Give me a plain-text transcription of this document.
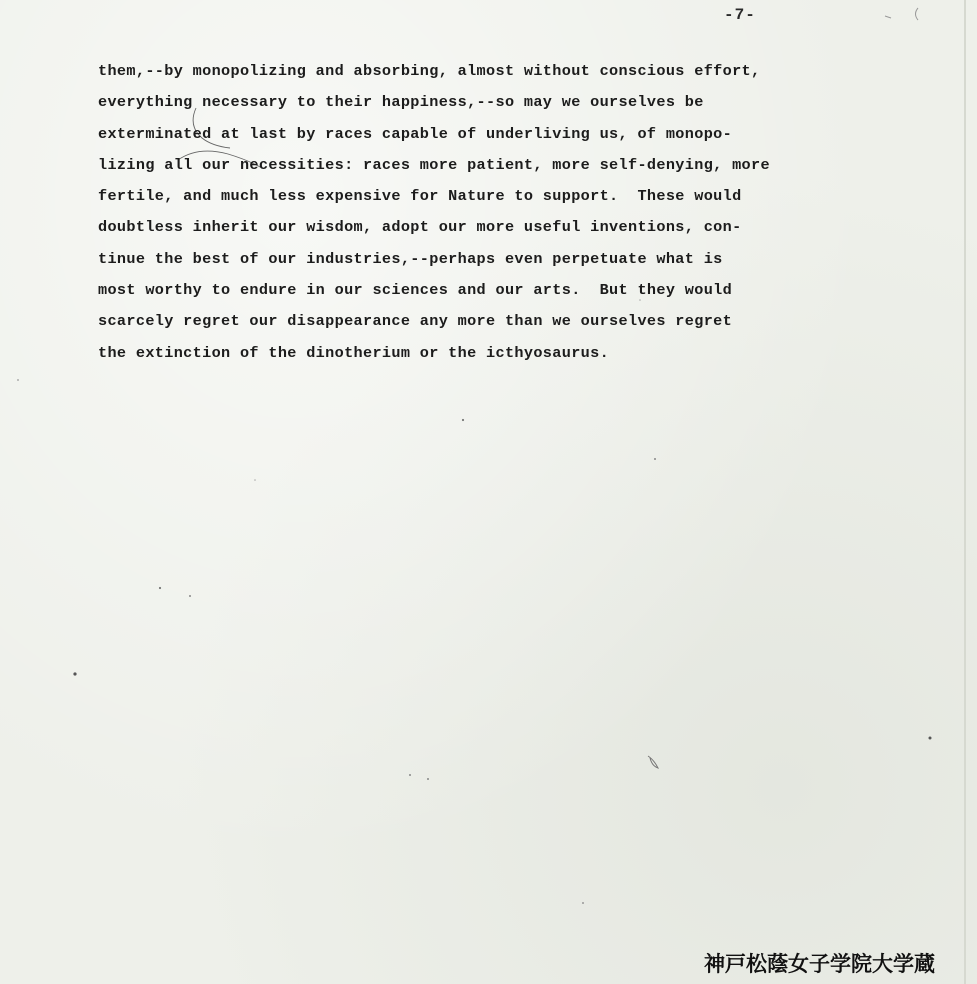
-7-
them,--by monopolizing and absorbing, almost without conscious effort,
everything necessary to their happiness,--so may we ourselves be
exterminated at last by races capable of underliving us, of monopo-
lizing all our necessities: races more patient, more self-denying, more
fertile, and much less expensive for Nature to support.  These would
doubtless inherit our wisdom, adopt our more useful inventions, con-
tinue the best of our industries,--perhaps even perpetuate what is
most worthy to endure in our sciences and our arts.  But they would
scarcely regret our disappearance any more than we ourselves regret
the extinction of the dinotherium or the icthyosaurus.
神戸松蔭女子学院大学蔵
